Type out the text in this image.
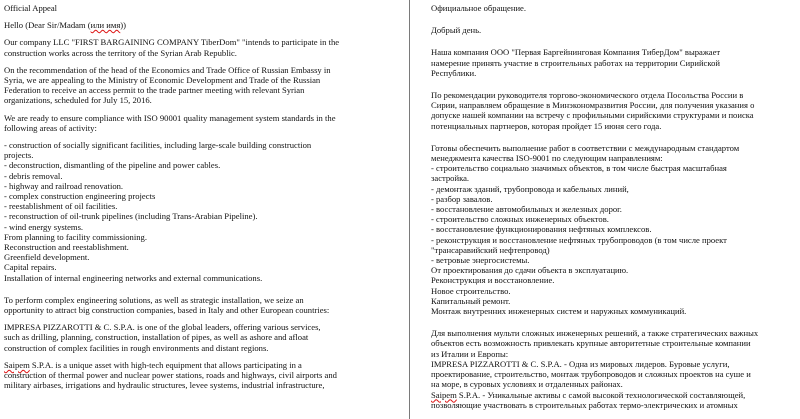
Official Appeal

Hello (Dear Sir/Madam (или имя))

Our company LLC "FIRST BARGAINING COMPANY TiberDom" "intends to participate in the
construction works across the territory of the Syrian Arab Republic.

On the recommendation of the head of the Economics and Trade Office of Russian Embassy in
Syria, we are appealing to the Ministry of Economic Development and Trade of the Russian
Federation to receive an access permit to the trade partner meeting with relevant Syrian
organizations, scheduled for July 15, 2016.

We are ready to ensure compliance with ISO 90001 quality management system standards in the
following areas of activity:

- construction of socially significant facilities, including large-scale building construction
projects.

- deconstruction, dismantling of the pipeline and power cables.

- debris removal.

- highway and railroad renovation.

- complex construction engineering projects

- reestablishment of oil facilities.

- reconstruction of oil-trunk pipelines (including Trans-Arabian Pipeline).

- wind energy systems.

From planning to facility commissioning.

Reconstruction and reestablishment.

Greenfield development.

Capital repairs.

Installation of internal engineering networks and external communications.

To perform complex engineering solutions, as well as strategic installation, we seize an
opportunity to attract big construction companies, based in Italy and other European countries:

IMPRESA PIZZAROTTI & C. S.P.A. is one of the global leaders, offering various services,
such as drilling, planning, construction, installation of pipes, as well as ashore and afloat
construction of complex facilities in rough environments and distant regions.

Saipem S.P.A. is a unique asset with high-tech equipment that allows participating in a
construction of thermal power and nuclear power stations, roads and highways, civil airports and
military airbases, irrigations and hydraulic structures, levee systems, industrial infrastructure,

Официальное обращение.

Добрый день.

Наша компания ООО "Первая Баргейнинговая Компания ТиберДом" выражает
намерение принять участие в строительных работах на территории Сирийской
Республики.

По рекомендации руководителя торгово-экономического отдела Посольства России в
Сирии, направляем обращение в Минэкономразвития России, для получения указания о
допуске нашей компании на встречу с профильными сирийскими структурами и поиска
потенциальных партнеров, которая пройдет 15 июня сего года.

Готовы обеспечить выполнение работ в соответствии с международным стандартом
менеджмента качества ISO-9001 по следующим направлениям:

- строительство социально значимых объектов, в том числе быстрая масштабная
застройка.

- демонтаж зданий, трубопровода и кабельных линий,

- разбор завалов.

- восстановление автомобильных и железных дорог.

- строительство сложных инженерных объектов.

- восстановление функционирования нефтяных комплексов.

- реконструкция и восстановление нефтяных трубопроводов (в том числе проект
"трансаравийский нефтепровод)

- ветровые энергосистемы.

От проектирования до сдачи объекта в эксплуатацию.

Реконструкция и восстановление.

Новое строительство.

Капитальный ремонт.

Монтаж внутренних инженерных систем и наружных коммуникаций.

Для выполнения мульти сложных инженерных решений, а также стратегических важных
объектов есть возможность привлекать крупные авторитетные строительные компании
из Италии и Европы:

IMPRESA PIZZAROTTI & C. S.P.A. - Одна из мировых лидеров. Буровые услуги,
проектирование, строительство, монтаж трубопроводов и сложных проектов на суше и
на море, в суровых условиях и отдаленных районах.

Saipem S.P.A. - Уникальные активы с самой высокой технологической составляющей,
позволяющие участвовать в строительных работах термо-электрических и атомных
